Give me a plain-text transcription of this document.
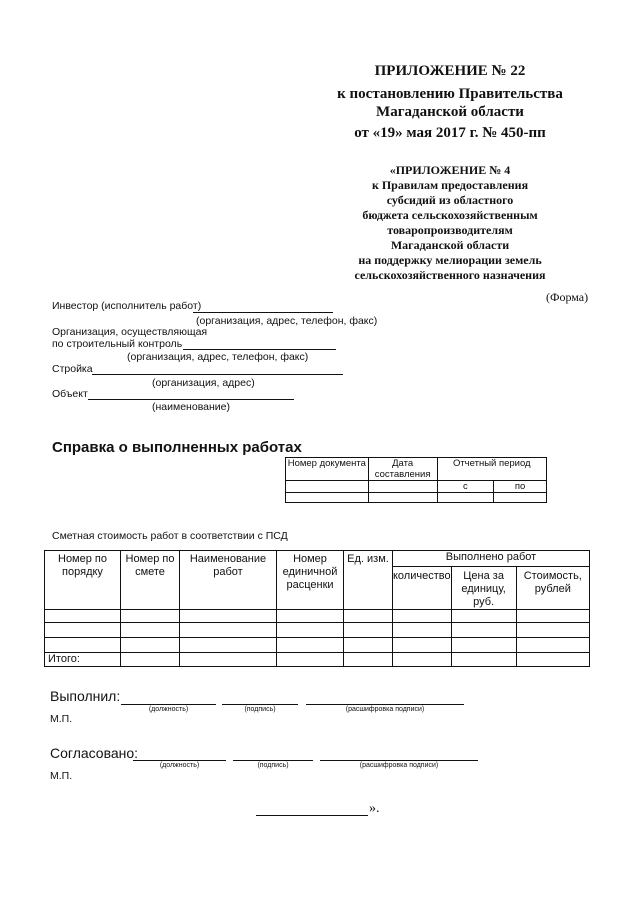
ПРИЛОЖЕНИЕ № 22
к постановлению Правительства
Магаданской области
от «19» мая 2017 г. № 450-пп
«ПРИЛОЖЕНИЕ № 4
к Правилам предоставления
субсидий из областного
бюджета сельскохозяйственным
товаропроизводителям
Магаданской области
на поддержку мелиорации земель
сельскохозяйственного назначения
(Форма)
Инвестор (исполнитель работ)
(организация, адрес, телефон, факс)
Организация, осуществляющая
по строительный контроль
(организация, адрес, телефон, факс)
Стройка
(организация, адрес)
Объект
(наименование)
Справка о выполненных работах
Номер документа	Дата составления	Отчетный период	

		с	по

Сметная стоимость работ в соответствии с ПСД
Номер по порядку	Номер по смете	Наименование работ	Номер единичной расценки	Ед. изм.	Выполнено работ		
					количество	Цена за единицу, руб.	Стоимость, рублей

Итого:							
Выполнил:
(должность)	(подпись)	(расшифровка подписи)
М.П.
Согласовано:
(должность)	(подпись)	(расшифровка подписи)
М.П.
».
